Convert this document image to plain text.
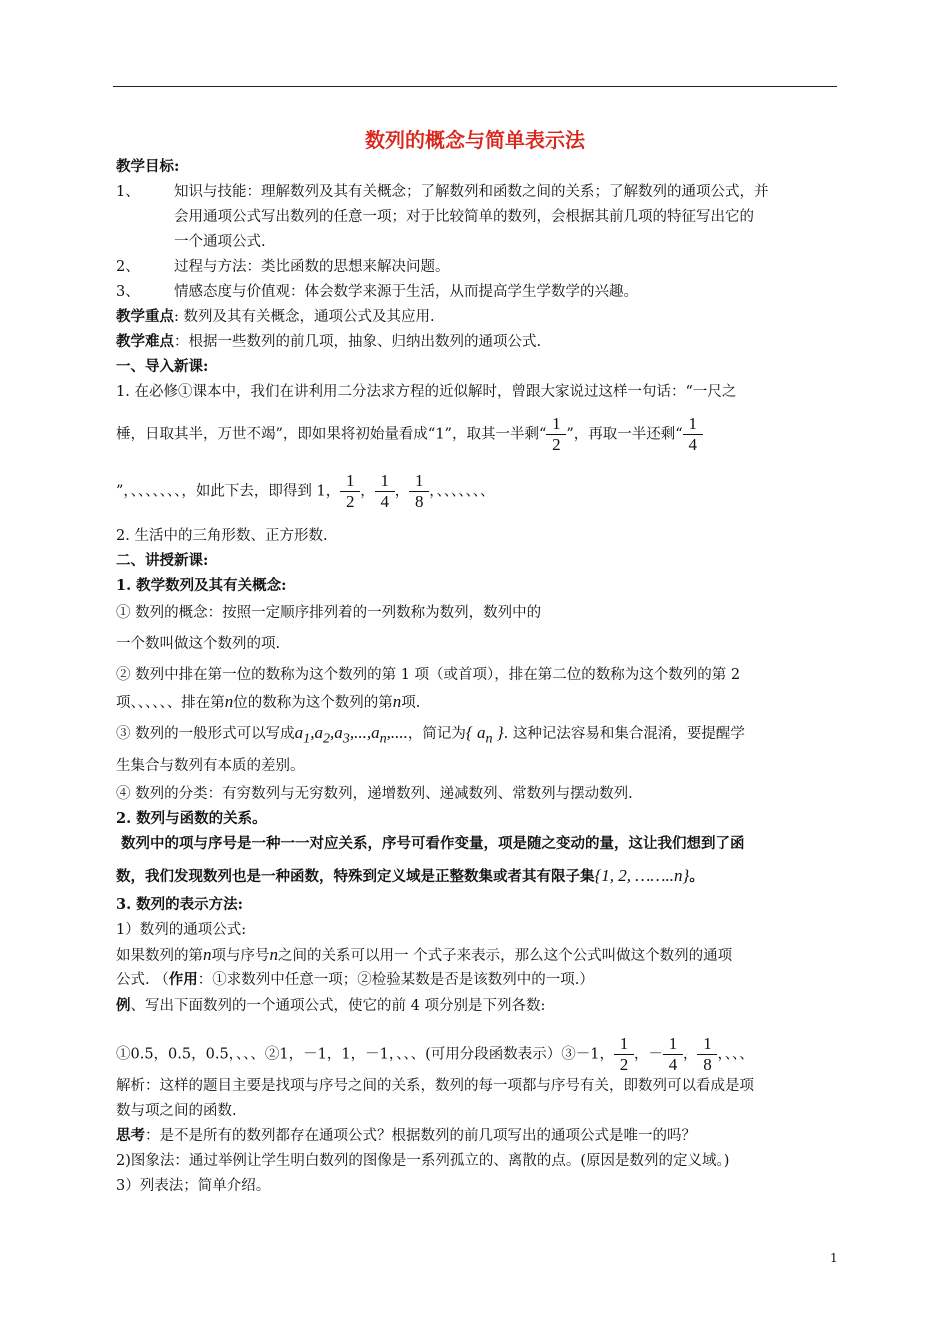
数列的概念与简单表示法
教学目标:
1、 知识与技能：理解数列及其有关概念；了解数列和函数之间的关系；了解数列的通项公式，并
会用通项公式写出数列的任意一项；对于比较简单的数列，会根据其前几项的特征写出它的
一个通项公式.
2、 过程与方法：类比函数的思想来解决问题。
3、 情感态度与价值观：体会数学来源于生活，从而提高学生学数学的兴趣。
教学重点: 数列及其有关概念，通项公式及其应用.
教学难点：根据一些数列的前几项，抽象、归纳出数列的通项公式.
一、导入新课:
1. 在必修①课本中，我们在讲利用二分法求方程的近似解时，曾跟大家说过这样一句话：“一尺之
棰，日取其半，万世不竭”，即如果将初始量看成“1”，取其一半剩“ $\frac{1}{2}$ ”，再取一半还剩“ $\frac{1}{4}$
”，、、、、、、、，如此下去，即得到 1， $\frac{1}{2}$ ， $\frac{1}{4}$ ， $\frac{1}{8}$ ，、、、、、、、
2. 生活中的三角形数、正方形数.
二、讲授新课:
1. 教学数列及其有关概念:
① 数列的概念：按照一定顺序排列着的一列数称为数列，数列中的
一个数叫做这个数列的项.
② 数列中排在第一位的数称为这个数列的第 1 项（或首项），排在第二位的数称为这个数列的第 2
项、、、、、、排在第n位的数称为这个数列的第n项.
③ 数列的一般形式可以写成$a_1,a_2,a_3,...,a_n$,....，简记为{ $a_n$ }. 这种记法容易和集合混淆，要提醒学
生集合与数列有本质的差别。
④ 数列的分类：有穷数列与无穷数列，递增数列、递减数列、常数列与摆动数列.
2. 数列与函数的关系。
数列中的项与序号是一种一一对应关系，序号可看作变量，项是随之变动的量，这让我们想到了函
数，我们发现数列也是一种函数，特殊到定义域是正整数集或者其有限子集{1, 2, ……..n}。
3. 数列的表示方法:
1）数列的通项公式:
如果数列的第n项与序号n之间的关系可以用一 个式子来表示，那么这个公式叫做这个数列的通项
公式. （作用：①求数列中任意一项；②检验某数是否是该数列中的一项.）
例、写出下面数列的一个通项公式，使它的前 4 项分别是下列各数:
①0.5，0.5，0.5，、、、②1，－1，1，－1，、、、(可用分段函数表示）③－1， $\frac{1}{2}$ ，－ $\frac{1}{4}$ ， $\frac{1}{8}$ ，、、、
解析：这样的题目主要是找项与序号之间的关系，数列的每一项都与序号有关，即数列可以看成是项
数与项之间的函数.
思考：是不是所有的数列都存在通项公式？根据数列的前几项写出的通项公式是唯一的吗？
2)图象法：通过举例让学生明白数列的图像是一系列孤立的、离散的点。(原因是数列的定义域。)
3）列表法；简单介绍。
1
